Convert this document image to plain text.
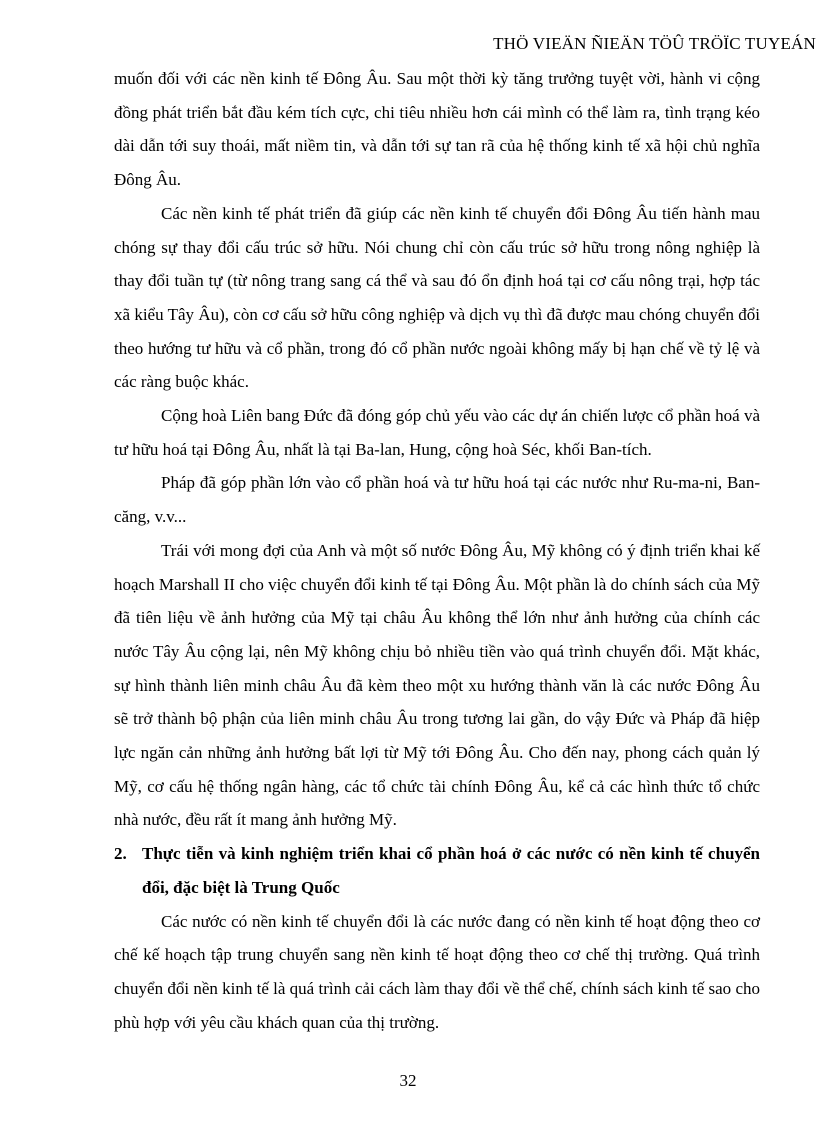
THÖ VIEÄN ÑIEÄN TÖÛ TRÖÏC TUYEÁN

muốn đối với các nền kinh tế Đông Âu. Sau một thời kỳ tăng trưởng tuyệt vời, hành vi cộng đồng phát triển bắt đầu kém tích cực, chi tiêu nhiều hơn cái mình có thể làm ra, tình trạng kéo dài dẫn tới suy thoái, mất niềm tin, và dẫn tới sự tan rã của hệ thống kinh tế xã hội chủ nghĩa Đông Âu.

Các nền kinh tế phát triển đã giúp các nền kinh tế chuyển đổi Đông Âu tiến hành mau chóng sự thay đổi cấu trúc sở hữu. Nói chung chỉ còn cấu trúc sở hữu trong nông nghiệp là thay đổi tuần tự (từ nông trang sang cá thể và sau đó ổn định hoá tại cơ cấu nông trại, hợp tác xã kiểu Tây Âu), còn cơ cấu sở hữu công nghiệp và dịch vụ thì đã được mau chóng chuyển đổi theo hướng tư hữu và cổ phần, trong đó cổ phần nước ngoài không mấy bị hạn chế về tỷ lệ và các ràng buộc khác.

Cộng hoà Liên bang Đức đã đóng góp chủ yếu vào các dự án chiến lược cổ phần hoá và tư hữu hoá tại Đông Âu, nhất là tại Ba-lan, Hung, cộng hoà Séc, khối Ban-tích.

Pháp đã góp phần lớn vào cổ phần hoá và tư hữu hoá tại các nước như Ru-ma-ni, Ban-căng, v.v...

Trái với mong đợi của Anh và một số nước Đông Âu, Mỹ không có ý định triển khai kế hoạch Marshall II cho việc chuyển đổi kinh tế tại Đông Âu. Một phần là do chính sách của Mỹ đã tiên liệu về ảnh hưởng của Mỹ tại châu Âu không thể lớn như ảnh hưởng của chính các nước Tây Âu cộng lại, nên Mỹ không chịu bỏ nhiều tiền vào quá trình chuyển đổi. Mặt khác, sự hình thành liên minh châu Âu đã kèm theo một xu hướng thành văn là các nước Đông Âu sẽ trở thành bộ phận của liên minh châu Âu trong tương lai gần, do vậy Đức và Pháp đã hiệp lực ngăn cản những ảnh hưởng bất lợi từ Mỹ tới Đông Âu. Cho đến nay, phong cách quản lý Mỹ, cơ cấu hệ thống ngân hàng, các tổ chức tài chính Đông Âu, kể cả các hình thức tổ chức nhà nước, đều rất ít mang ảnh hưởng Mỹ.

2. Thực tiễn và kinh nghiệm triển khai cổ phần hoá ở các nước có nền kinh tế chuyển đổi, đặc biệt là Trung Quốc

Các nước có nền kinh tế chuyển đổi là các nước đang có nền kinh tế hoạt động theo cơ chế kế hoạch tập trung chuyển sang nền kinh tế hoạt động theo cơ chế thị trường. Quá trình chuyển đổi nền kinh tế là quá trình cải cách làm thay đổi về thể chế, chính sách kinh tế sao cho phù hợp với yêu cầu khách quan của thị trường.

32
